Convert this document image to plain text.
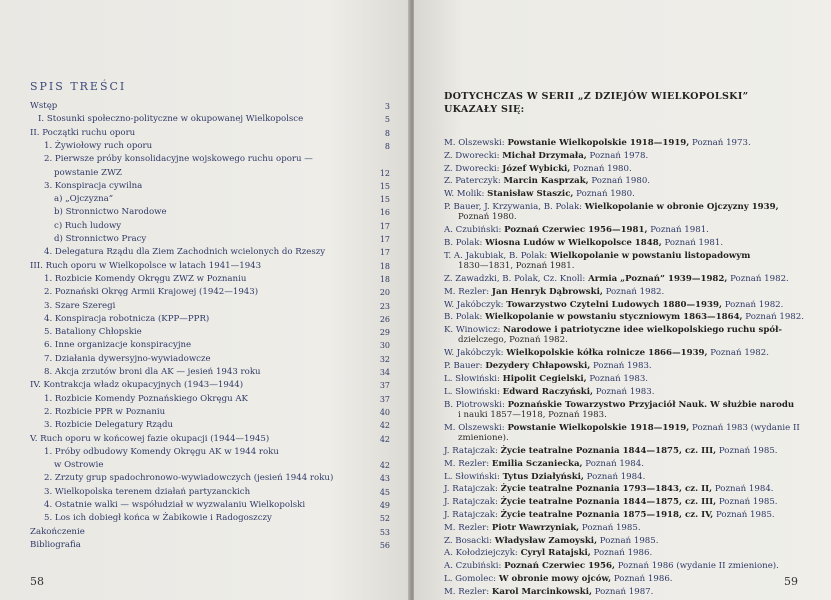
SPIS TREŚCI
Wstęp	3
I. Stosunki społeczno-polityczne w okupowanej Wielkopolsce	5
II. Początki ruchu oporu	8
1. Żywiołowy ruch oporu	8
2. Pierwsze próby konsolidacyjne wojskowego ruchu oporu —
powstanie ZWZ	12
3. Konspiracja cywilna	15
a) „Ojczyzna”	15
b) Stronnictwo Narodowe	16
c) Ruch ludowy	17
d) Stronnictwo Pracy	17
4. Delegatura Rządu dla Ziem Zachodnich wcielonych do Rzeszy	17
III. Ruch oporu w Wielkopolsce w latach 1941—1943	18
1. Rozbicie Komendy Okręgu ZWZ w Poznaniu	18
2. Poznański Okręg Armii Krajowej (1942—1943)	20
3. Szare Szeregi	23
4. Konspiracja robotnicza (KPP—PPR)	26
5. Bataliony Chłopskie	29
6. Inne organizacje konspiracyjne	30
7. Działania dywersyjno-wywiadowcze	32
8. Akcja zrzutów broni dla AK — jesień 1943 roku	34
IV. Kontrakcja władz okupacyjnych (1943—1944)	37
1. Rozbicie Komendy Poznańskiego Okręgu AK	37
2. Rozbicie PPR w Poznaniu	40
3. Rozbicie Delegatury Rządu	42
V. Ruch oporu w końcowej fazie okupacji (1944—1945)	42
1. Próby odbudowy Komendy Okręgu AK w 1944 roku
w Ostrowie	42
2. Zrzuty grup spadochronowo-wywiadowczych (jesień 1944 roku)	43
3. Wielkopolska terenem działań partyzanckich	45
4. Ostatnie walki — współudział w wyzwalaniu Wielkopolski	49
5. Los ich dobiegł końca w Żabikowie i Radogoszczy	52
Zakończenie	53
Bibliografia	56
58
DOTYCHCZAS W SERII „Z DZIEJÓW WIELKOPOLSKI”
UKAZAŁY SIĘ:
M. Olszewski: Powstanie Wielkopolskie 1918—1919, Poznań 1973.
Z. Dworecki: Michał Drzymała, Poznań 1978.
Z. Dworecki: Józef Wybicki, Poznań 1980.
Z. Paterczyk: Marcin Kasprzak, Poznań 1980.
W. Molik: Stanisław Staszic, Poznań 1980.
P. Bauer, J. Krzywania, B. Polak: Wielkopolanie w obronie Ojczyzny 1939,
Poznań 1980.
A. Czubiński: Poznań Czerwiec 1956—1981, Poznań 1981.
B. Polak: Wiosna Ludów w Wielkopolsce 1848, Poznań 1981.
T. A. Jakubiak, B. Polak: Wielkopolanie w powstaniu listopadowym
1830—1831, Poznań 1981.
Z. Zawadzki, B. Polak, Cz. Knoll: Armia „Poznań” 1939—1982, Poznań 1982.
M. Rezler: Jan Henryk Dąbrowski, Poznań 1982.
W. Jakóbczyk: Towarzystwo Czytelni Ludowych 1880—1939, Poznań 1982.
B. Polak: Wielkopolanie w powstaniu styczniowym 1863—1864, Poznań 1982.
K. Winowicz: Narodowe i patriotyczne idee wielkopolskiego ruchu spół-
dzielczego, Poznań 1982.
W. Jakóbczyk: Wielkopolskie kółka rolnicze 1866—1939, Poznań 1982.
P. Bauer: Dezydery Chłapowski, Poznań 1983.
L. Słowiński: Hipolit Cegielski, Poznań 1983.
L. Słowiński: Edward Raczyński, Poznań 1983.
B. Piotrowski: Poznańskie Towarzystwo Przyjaciół Nauk. W służbie narodu
i nauki 1857—1918, Poznań 1983.
M. Olszewski: Powstanie Wielkopolskie 1918—1919, Poznań 1983 (wydanie II
zmienione).
J. Ratajczak: Życie teatralne Poznania 1844—1875, cz. III, Poznań 1985.
M. Rezler: Emilia Sczaniecka, Poznań 1984.
L. Słowiński: Tytus Działyński, Poznań 1984.
J. Ratajczak: Życie teatralne Poznania 1793—1843, cz. II, Poznań 1984.
J. Ratajczak: Życie teatralne Poznania 1844—1875, cz. III, Poznań 1985.
J. Ratajczak: Życie teatralne Poznania 1875—1918, cz. IV, Poznań 1985.
M. Rezler: Piotr Wawrzyniak, Poznań 1985.
Z. Bosacki: Władysław Zamoyski, Poznań 1985.
A. Kołodziejczyk: Cyryl Ratajski, Poznań 1986.
A. Czubiński: Poznań Czerwiec 1956, Poznań 1986 (wydanie II zmienione).
L. Gomolec: W obronie mowy ojców, Poznań 1986.
M. Rezler: Karol Marcinkowski, Poznań 1987.
59
